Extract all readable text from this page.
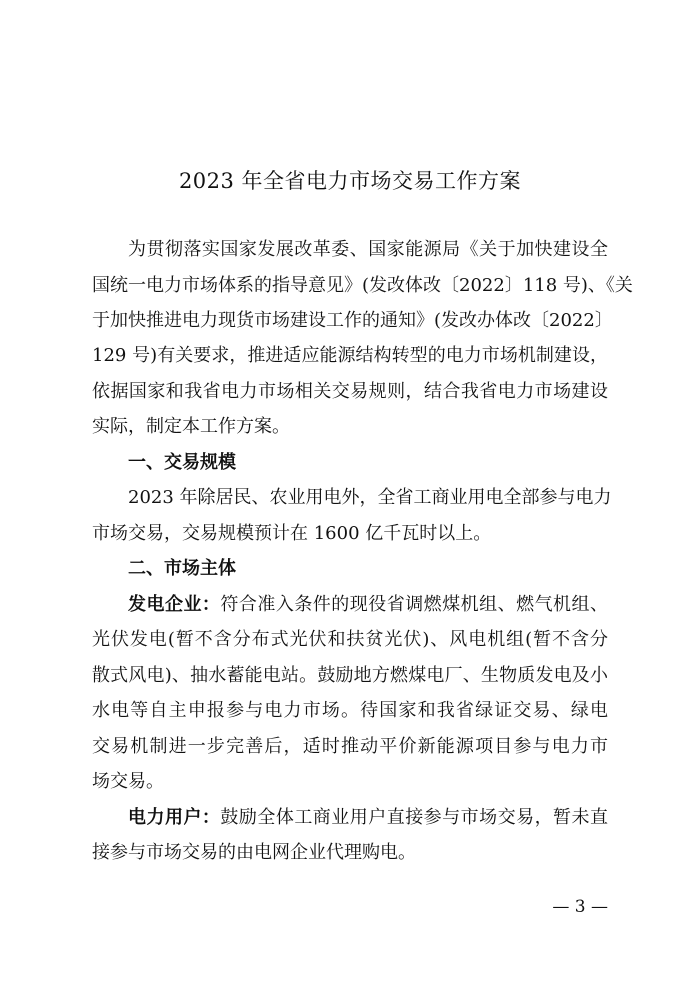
2023 年全省电力市场交易工作方案
为贯彻落实国家发展改革委、国家能源局《关于加快建设全
国统一电力市场体系的指导意见》(发改体改〔2022〕118 号)、《关
于加快推进电力现货市场建设工作的通知》(发改办体改〔2022〕
129 号)有关要求，推进适应能源结构转型的电力市场机制建设，
依据国家和我省电力市场相关交易规则，结合我省电力市场建设
实际，制定本工作方案。
一、交易规模
2023 年除居民、农业用电外，全省工商业用电全部参与电力
市场交易，交易规模预计在 1600 亿千瓦时以上。
二、市场主体
发电企业：符合准入条件的现役省调燃煤机组、燃气机组、
光伏发电(暂不含分布式光伏和扶贫光伏)、风电机组(暂不含分
散式风电)、抽水蓄能电站。鼓励地方燃煤电厂、生物质发电及小
水电等自主申报参与电力市场。待国家和我省绿证交易、绿电
交易机制进一步完善后，适时推动平价新能源项目参与电力市
场交易。
电力用户：鼓励全体工商业用户直接参与市场交易，暂未直
接参与市场交易的由电网企业代理购电。
— 3 —
